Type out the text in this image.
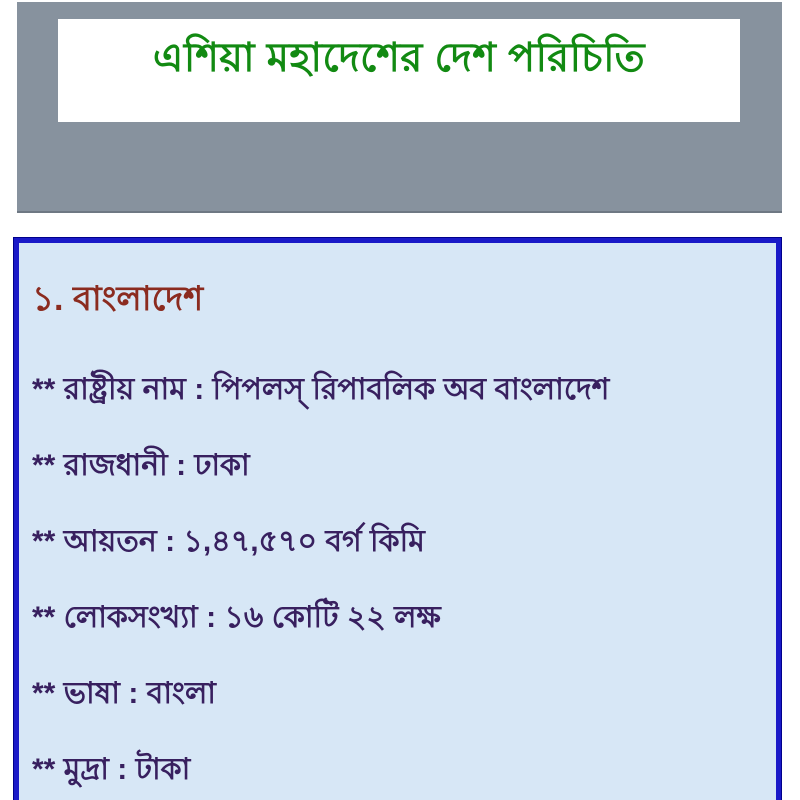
এশিয়া মহাদেশের দেশ পরিচিতি
১. বাংলাদেশ

** রাষ্ট্রীয় নাম : পিপলস্ রিপাবলিক অব বাংলাদেশ

** রাজধানী : ঢাকা

** আয়তন : ১,৪৭,৫৭০ বর্গ কিমি

** লোকসংখ্যা : ১৬ কোটি ২২ লক্ষ

** ভাষা : বাংলা

** মুদ্রা : টাকা
